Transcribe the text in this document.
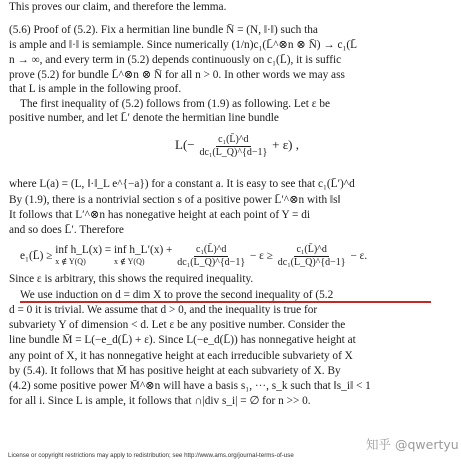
This proves our claim, and therefore the lemma.
(5.6) Proof of (5.2). Fix a hermitian line bundle N̄ = (N, ‖·‖) such tha
is ample and ‖·‖ is semiample. Since numerically (1/n)c₁(L̄^⊗n ⊗ N̄) → c₁(L̄
n → ∞, and every term in (5.2) depends continuously on c₁(L̄), it is suffic
prove (5.2) for bundle L̄^⊗n ⊗ N̄ for all n > 0. In other words we may ass
that L is ample in the following proof.
The first inequality of (5.2) follows from (1.9) as following. Let ε be
positive number, and let L̄′ denote the hermitian line bundle
$L(- \frac{\text{c₁(L̄)\textasciicircum{}d}}{\text{dc₁(L\_Q)\textasciicircum{}\{d−1\}}} + \varepsilon)$ ,
where L(a) = (L, ‖·‖_L e^{−a}) for a constant a. It is easy to see that c₁(L̄′)^d
By (1.9), there is a nontrivial section s of a positive power L̄′^⊗n with ‖s‖
It follows that L′^⊗n has nonegative height at each point of Y = di
and so does L̄′. Therefore
e₁(L̄) ≥
inf h_L(x) =
x ∉ Y(Q)

inf h_L′(x) +
x ∉ Y(Q)
	$\frac{\text{c₁(L̄)\textasciicircum{}d}}{\text{dc₁(L\_Q)\textasciicircum{}\{d−1\}}} - \varepsilon \ge \frac{\text{c₁(L̄)\textasciicircum{}d}}{\text{dc₁(L\_Q)\textasciicircum{}\{d−1\}}} - \varepsilon$.
Since ε is arbitrary, this shows the required inequality.
We use induction on d = dim X to prove the second inequality of (5.2
d = 0 it is trivial. We assume that d > 0, and the inequality is true for
subvariety Y of dimension < d. Let ε be any positive number. Consider the
line bundle M̄ = L(−e_d(L̄) + ε). Since L(−e_d(L̄)) has nonnegative height at
any point of X, it has nonnegative height at each irreducible subvariety of X
by (5.4). It follows that M̄ has positive height at each subvariety of X. By
(4.2) some positive power M̄^⊗n will have a basis s₁, ···, s_k such that ‖s_i‖ < 1
for all i. Since L is ample, it follows that ∩|div s_i| = ∅ for n >> 0.
知乎 @qwertyu
License or copyright restrictions may apply to redistribution; see http://www.ams.org/journal-terms-of-use
